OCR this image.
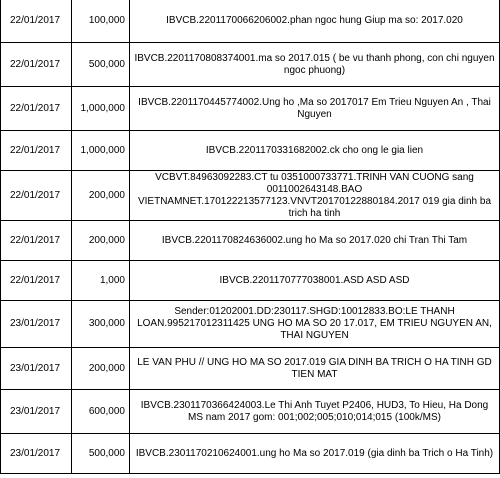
22/01/2017	100,000	IBVCB.2201170066206002.phan ngoc hung Giup ma so: 2017.020
22/01/2017	500,000	IBVCB.2201170808374001.ma so 2017.015 ( be vu thanh phong, con chi nguyen ngoc phuong)
22/01/2017	1,000,000	IBVCB.2201170445774002.Ung ho ,Ma so 2017017 Em Trieu Nguyen An , Thai Nguyen
22/01/2017	1,000,000	IBVCB.2201170331682002.ck cho ong le gia lien
22/01/2017	200,000	VCBVT.84963092283.CT tu 0351000733771.TRINH VAN CUONG sang 0011002643148.BAO VIETNAMNET.170122213577123.VNVT20170122880184.2017 019 gia dinh ba trich ha tinh
22/01/2017	200,000	IBVCB.2201170824636002.ung ho Ma so 2017.020 chi Tran Thi Tam
22/01/2017	1,000	IBVCB.2201170777038001.ASD ASD ASD
23/01/2017	300,000	Sender:01202001.DD:230117.SHGD:10012833.BO:LE THANH LOAN.995217012311425 UNG HO MA SO 20 17.017, EM TRIEU NGUYEN AN, THAI NGUYEN
23/01/2017	200,000	LE VAN PHU // UNG HO MA SO 2017.019 GIA DINH BA TRICH O HA TINH GD TIEN MAT
23/01/2017	600,000	IBVCB.2301170366424003.Le Thi Anh Tuyet P2406, HUD3, To Hieu, Ha Dong MS nam 2017 gom: 001;002;005;010;014;015 (100k/MS)
23/01/2017	500,000	IBVCB.2301170210624001.ung ho Ma so 2017.019 (gia dinh ba Trich o Ha Tinh)
